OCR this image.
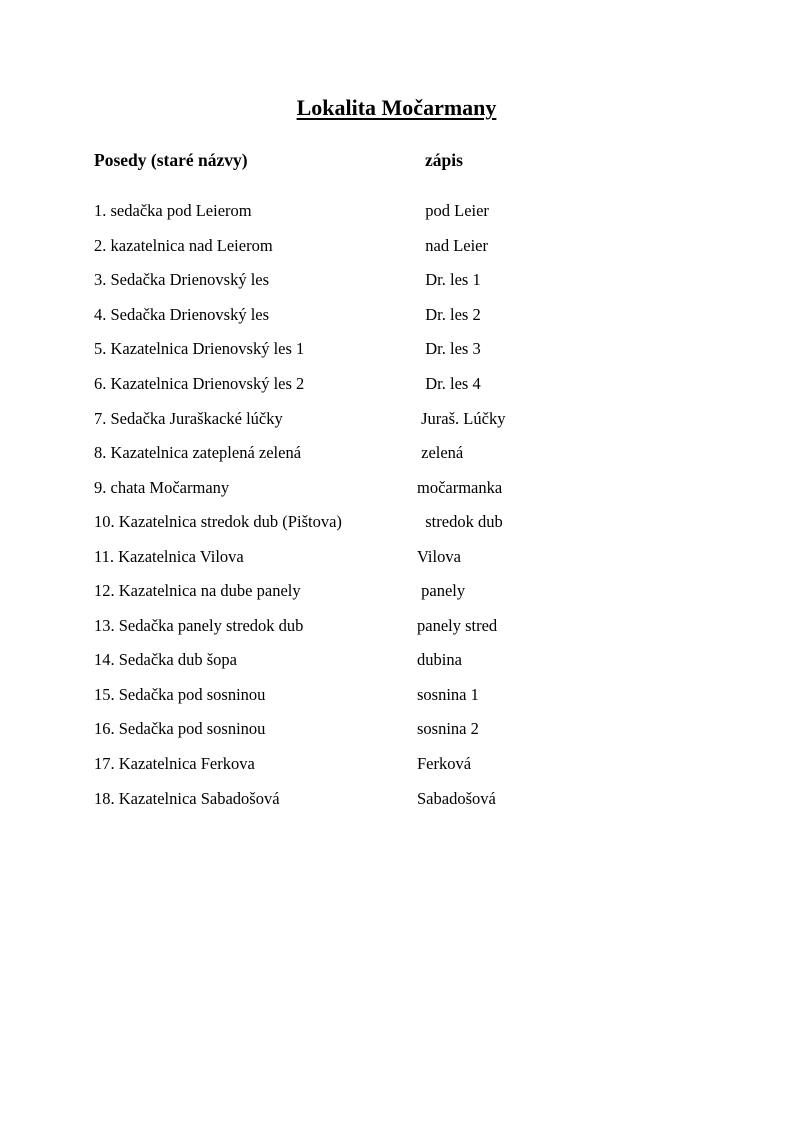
Lokalita Močarmany
Posedy (staré názvy)	zápis
1. sedačka pod Leierom	pod Leier
2. kazatelnica nad Leierom	nad Leier
3. Sedačka Drienovský les	Dr. les 1
4. Sedačka Drienovský les	Dr. les 2
5. Kazatelnica Drienovský les 1	Dr. les 3
6. Kazatelnica Drienovský les 2	Dr. les 4
7. Sedačka Juraškacké lúčky	Juraš. Lúčky
8. Kazatelnica zateplená zelená	zelená
9. chata Močarmany	močarmanka
10. Kazatelnica stredok dub (Pištova)	stredok dub
11. Kazatelnica Vilova	Vilova
12. Kazatelnica na dube panely	panely
13. Sedačka panely stredok dub	panely stred
14. Sedačka dub šopa	dubina
15. Sedačka pod sosninou	sosnina 1
16. Sedačka pod sosninou	sosnina 2
17. Kazatelnica Ferkova	Ferková
18. Kazatelnica Sabadošová	Sabadošová
